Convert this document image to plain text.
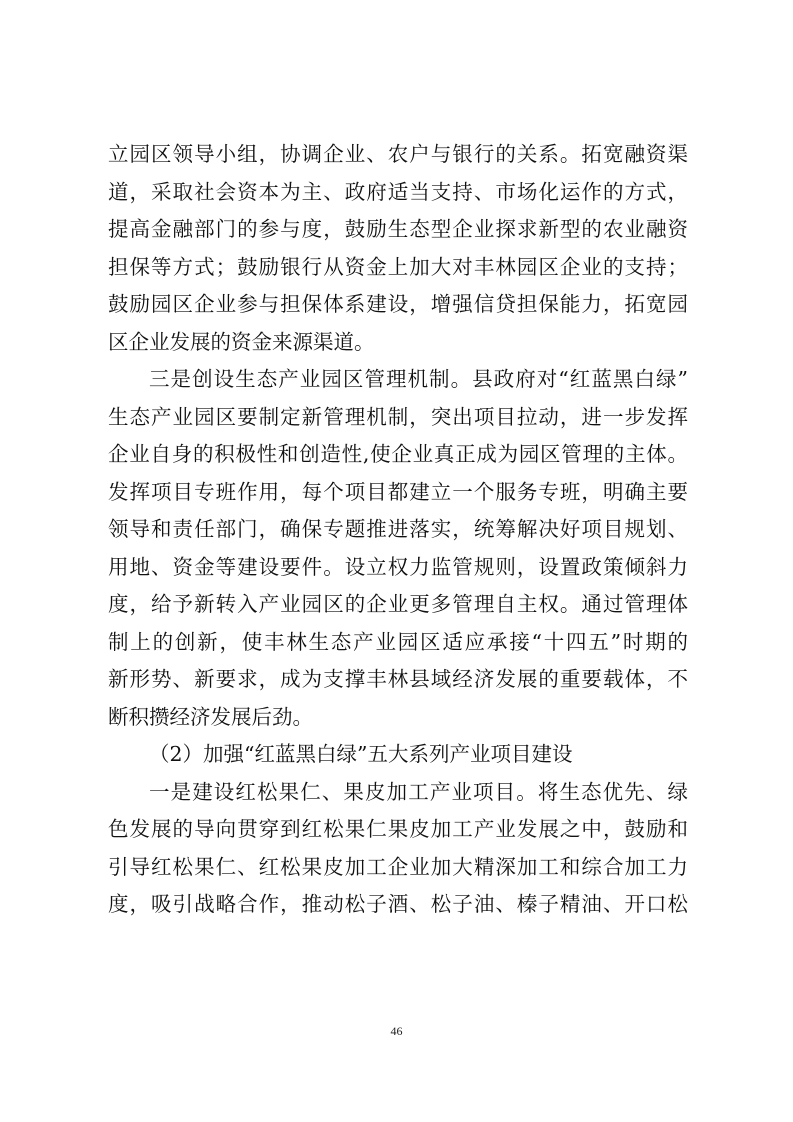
立园区领导小组，协调企业、农户与银行的关系。拓宽融资渠
道，采取社会资本为主、政府适当支持、市场化运作的方式，
提高金融部门的参与度，鼓励生态型企业探求新型的农业融资
担保等方式；鼓励银行从资金上加大对丰林园区企业的支持；
鼓励园区企业参与担保体系建设，增强信贷担保能力，拓宽园
区企业发展的资金来源渠道。
三是创设生态产业园区管理机制。县政府对“红蓝黑白绿”
生态产业园区要制定新管理机制，突出项目拉动，进一步发挥
企业自身的积极性和创造性,使企业真正成为园区管理的主体。
发挥项目专班作用，每个项目都建立一个服务专班，明确主要
领导和责任部门，确保专题推进落实，统筹解决好项目规划、
用地、资金等建设要件。设立权力监管规则，设置政策倾斜力
度，给予新转入产业园区的企业更多管理自主权。通过管理体
制上的创新，使丰林生态产业园区适应承接“十四五”时期的
新形势、新要求，成为支撑丰林县域经济发展的重要载体，不
断积攒经济发展后劲。
（2）加强“红蓝黑白绿”五大系列产业项目建设
一是建设红松果仁、果皮加工产业项目。将生态优先、绿
色发展的导向贯穿到红松果仁果皮加工产业发展之中，鼓励和
引导红松果仁、红松果皮加工企业加大精深加工和综合加工力
度，吸引战略合作，推动松子酒、松子油、榛子精油、开口松
46
